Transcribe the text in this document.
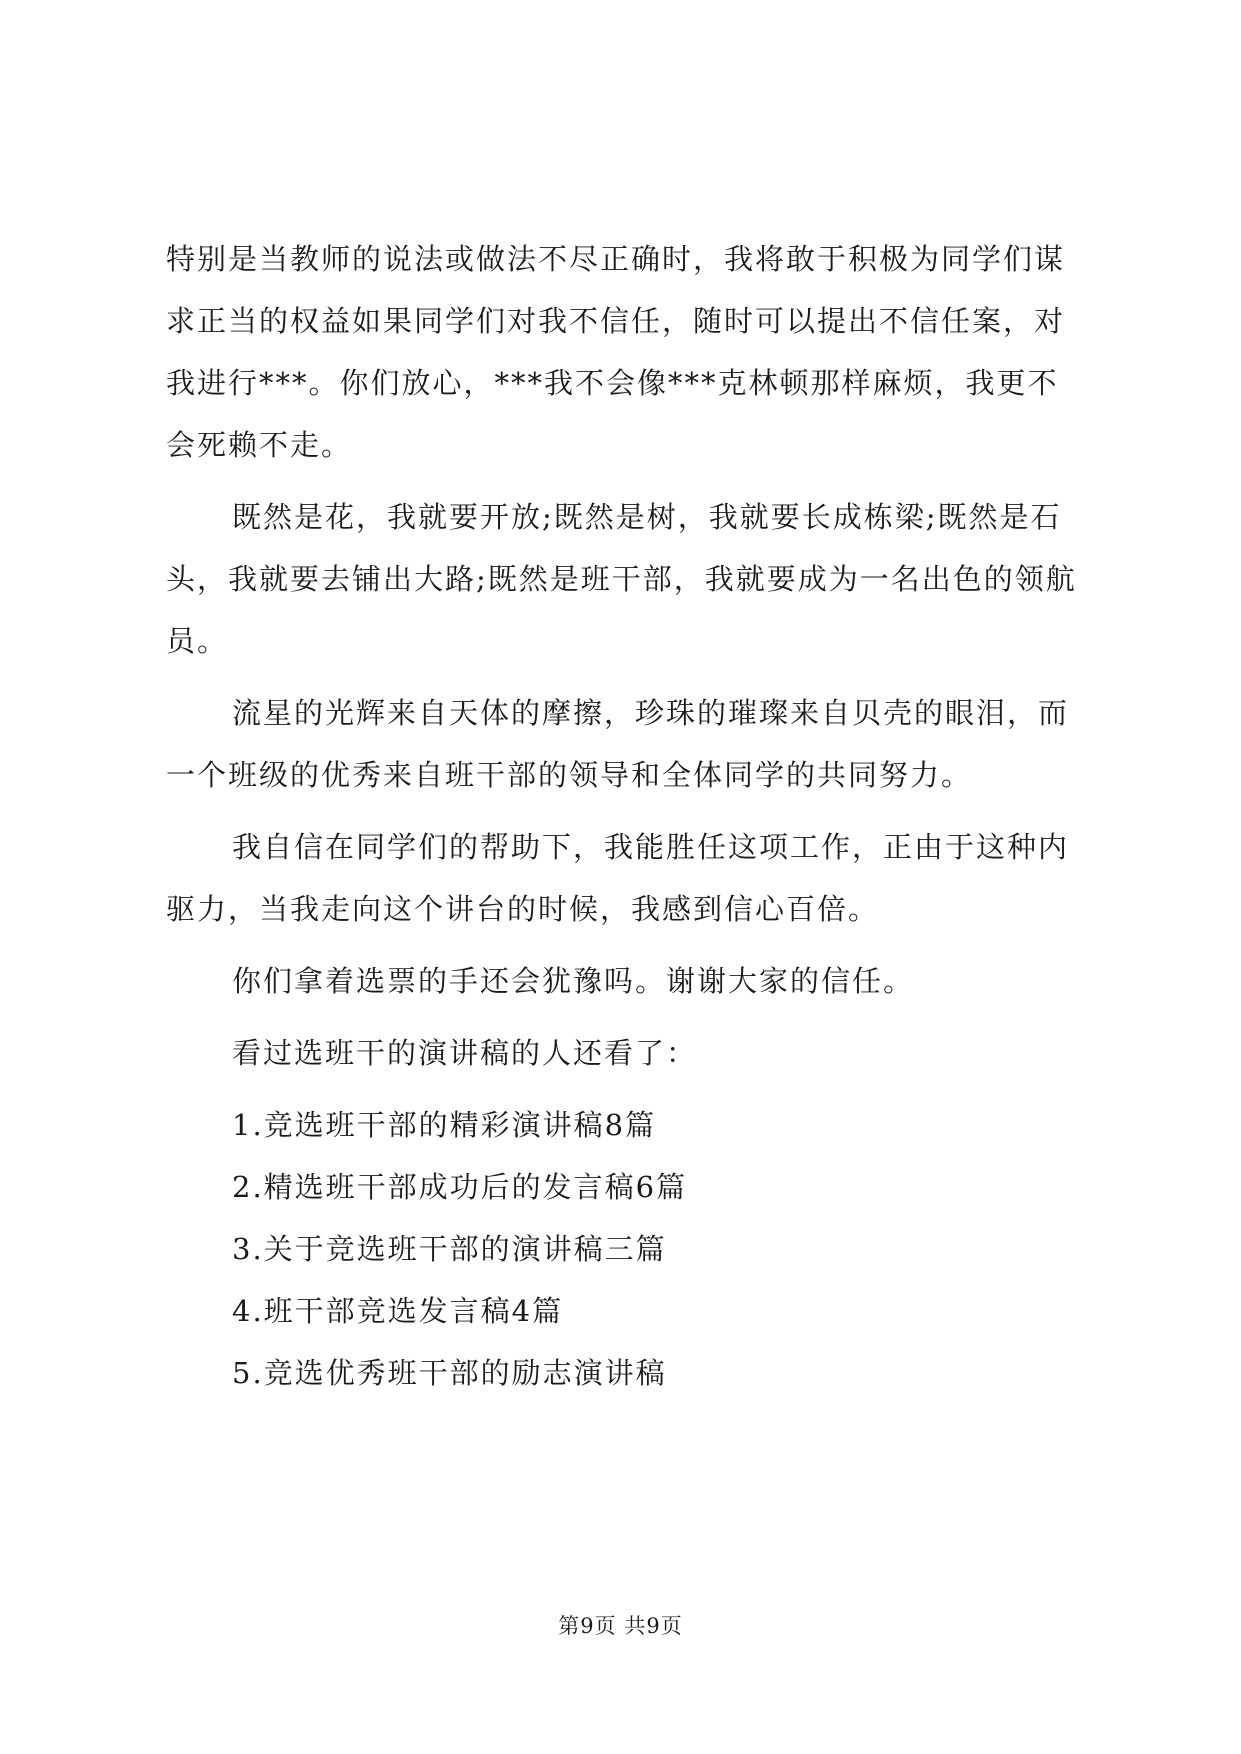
特别是当教师的说法或做法不尽正确时，我将敢于积极为同学们谋求正当的权益如果同学们对我不信任，随时可以提出不信任案，对我进行***。你们放心，***我不会像***克林顿那样麻烦，我更不会死赖不走。

既然是花，我就要开放;既然是树，我就要长成栋梁;既然是石头，我就要去铺出大路;既然是班干部，我就要成为一名出色的领航员。

流星的光辉来自天体的摩擦，珍珠的璀璨来自贝壳的眼泪，而一个班级的优秀来自班干部的领导和全体同学的共同努力。

我自信在同学们的帮助下，我能胜任这项工作，正由于这种内驱力，当我走向这个讲台的时候，我感到信心百倍。

你们拿着选票的手还会犹豫吗。谢谢大家的信任。

看过选班干的演讲稿的人还看了：

1.竞选班干部的精彩演讲稿8篇
2.精选班干部成功后的发言稿6篇
3.关于竞选班干部的演讲稿三篇
4.班干部竞选发言稿4篇
5.竞选优秀班干部的励志演讲稿
第9页 共9页
